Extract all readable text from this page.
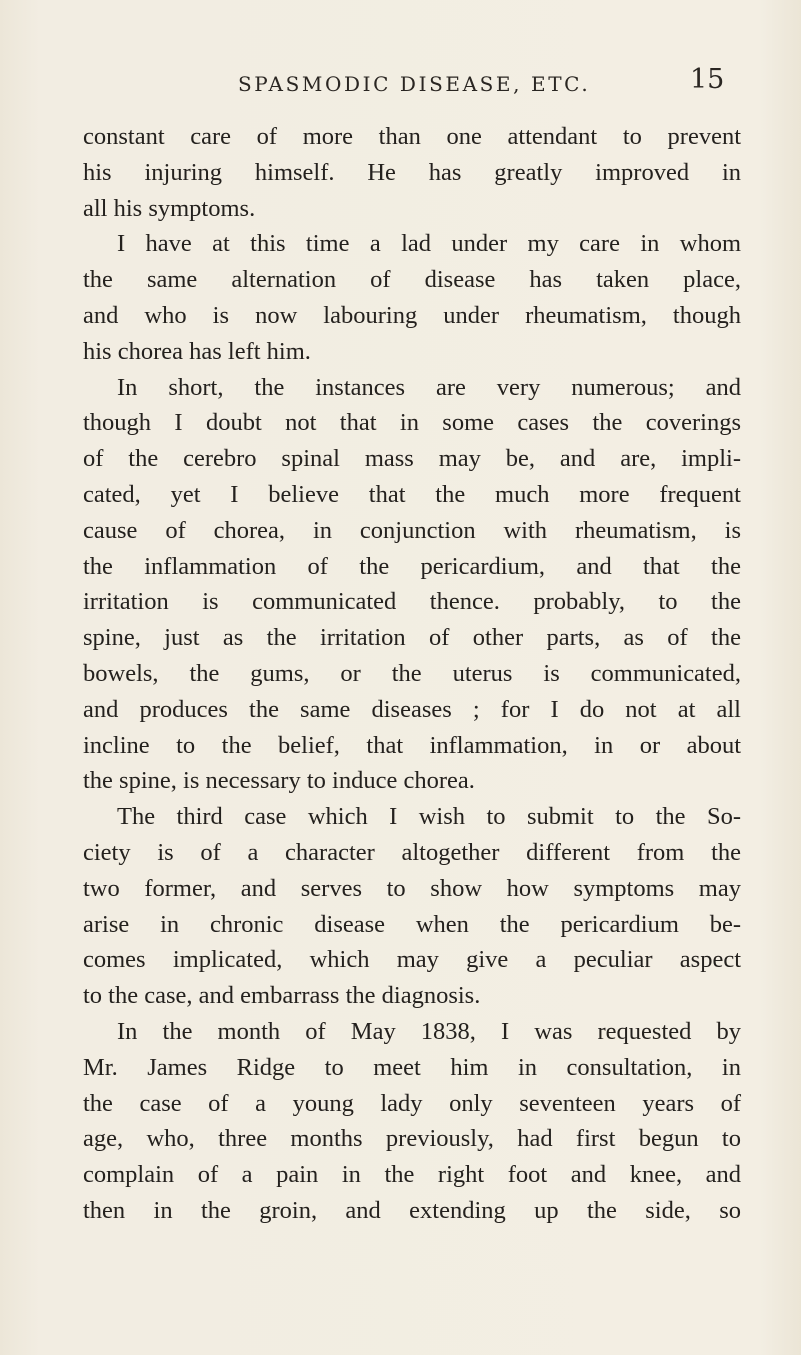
SPASMODIC DISEASE, ETC.	15
constant care of more than one attendant to prevent
his injuring himself. He has greatly improved in
all his symptoms.
I have at this time a lad under my care in whom
the same alternation of disease has taken place,
and who is now labouring under rheumatism, though
his chorea has left him.
In short, the instances are very numerous; and
though I doubt not that in some cases the coverings
of the cerebro spinal mass may be, and are, impli-
cated, yet I believe that the much more frequent
cause of chorea, in conjunction with rheumatism, is
the inflammation of the pericardium, and that the
irritation is communicated thence. probably, to the
spine, just as the irritation of other parts, as of the
bowels, the gums, or the uterus is communicated,
and produces the same diseases ; for I do not at all
incline to the belief, that inflammation, in or about
the spine, is necessary to induce chorea.
The third case which I wish to submit to the So-
ciety is of a character altogether different from the
two former, and serves to show how symptoms may
arise in chronic disease when the pericardium be-
comes implicated, which may give a peculiar aspect
to the case, and embarrass the diagnosis.
In the month of May 1838, I was requested by
Mr. James Ridge to meet him in consultation, in
the case of a young lady only seventeen years of
age, who, three months previously, had first begun to
complain of a pain in the right foot and knee, and
then in the groin, and extending up the side, so
